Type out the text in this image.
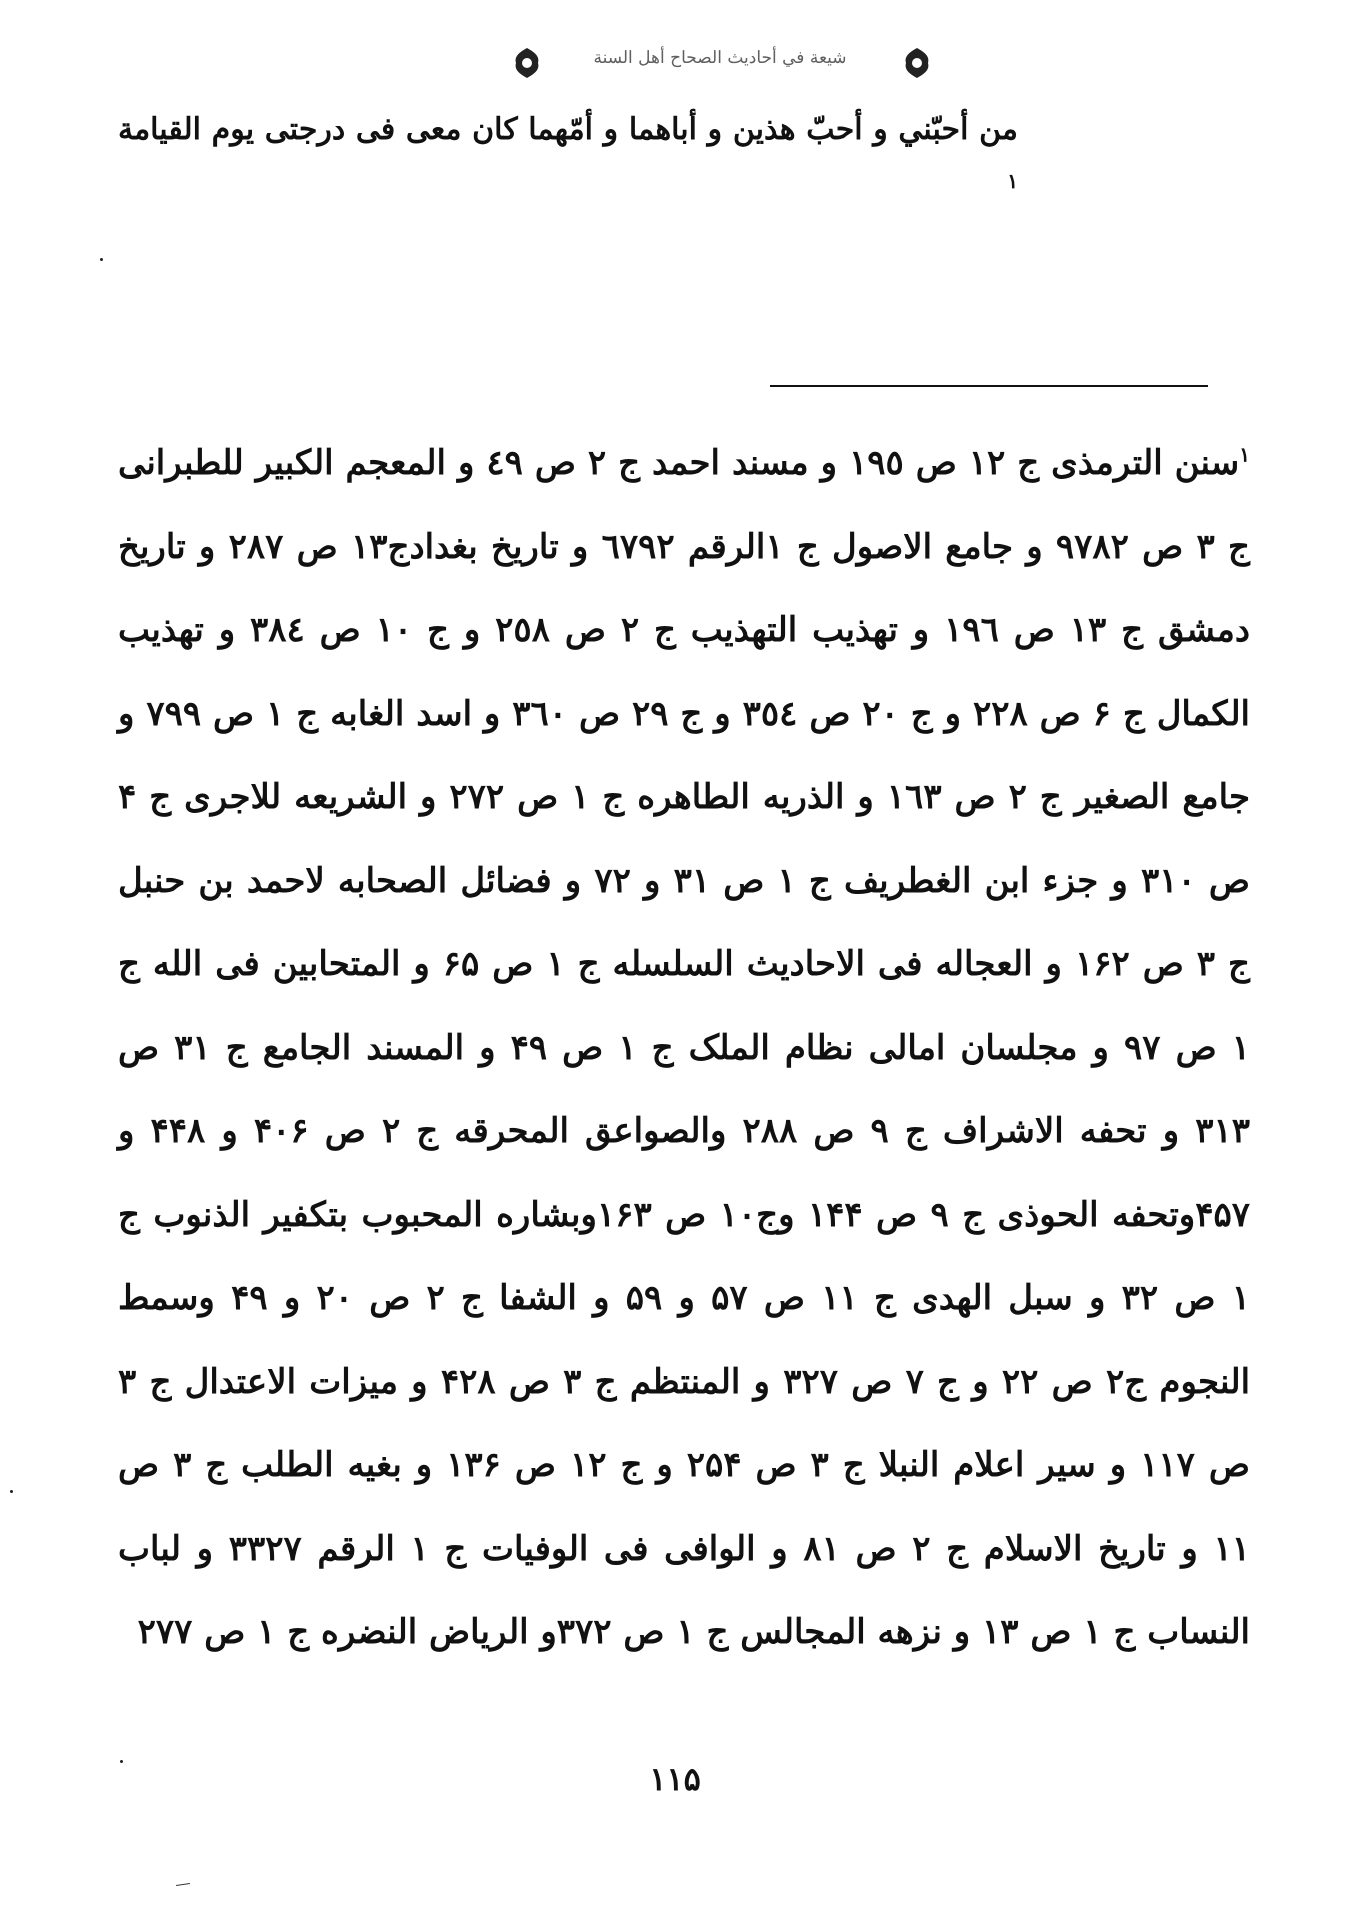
شيعة في أحاديث الصحاح أهل السنة
من أحبّني و أحبّ هذين و أباهما و أمّهما كان معی فی درجتی يوم القيامة $^١$
$^١$سنن الترمذی ج ١٢ ص ١٩٥ و مسند احمد ج ٢ ص ٤٩ و المعجم الكبير للطبرانی ج ٣ ص ٩٧٨٢ و جامع الاصول ج ١الرقم ٦٧٩٢ و تاريخ بغدادج١٣ ص ٢٨٧ و تاريخ دمشق ج ١٣ ص ١٩٦ و تهذيب التهذيب ج ٢ ص ٢٥٨ و ج ١٠ ص ٣٨٤ و تهذيب الكمال ج ۶ ص ٢٢٨ و ج ٢٠ ص ٣٥٤ و ج ٢٩ ص ٣٦٠ و اسد الغابه ج ١ ص ٧٩٩ و جامع الصغير ج ٢ ص ١٦٣ و الذريه الطاهره ج ١ ص ٢٧٢ و الشريعه للاجری ج ۴ ص ٣١٠ و جزء ابن الغطريف ج ١ ص ٣١ و ٧٢ و فضائل الصحابه لاحمد بن حنبل ج ٣ ص ١۶٢ و العجاله فی الاحاديث السلسله ج ١ ص ۶۵ و المتحابين فی الله ج ١ ص ٩٧ و مجلسان امالی نظام الملک ج ١ ص ۴٩ و المسند الجامع ج ٣١ ص ٣١٣ و تحفه الاشراف ج ٩ ص ٢٨٨ والصواعق المحرقه ج ٢ ص ۴٠۶ و ۴۴٨ و ۴۵٧وتحفه الحوذی ج ٩ ص ١۴۴ وج١٠ ص ١۶٣وبشاره المحبوب بتكفير الذنوب ج ١ ص ٣٢ و سبل الهدی ج ١١ ص ۵٧ و ۵٩ و الشفا ج ٢ ص ٢٠ و ۴٩ وسمط النجوم ج٢ ص ٢٢ و ج ٧ ص ٣٢٧ و المنتظم ج ٣ ص ۴٢٨ و ميزات الاعتدال ج ٣ ص ١١٧ و سير اعلام النبلا ج ٣ ص ٢۵۴ و ج ١٢ ص ١٣۶ و بغيه الطلب ج ٣ ص ١١ و تاريخ الاسلام ج ٢ ص ٨١ و الوافی فی الوفيات ج ١ الرقم ٣٣٢٧ و لباب النساب ج ١ ص ١٣ و نزهه المجالس ج ١ ص ٣٧٢و الرياض النضره ج ١ ص ٢٧٧
١١۵
